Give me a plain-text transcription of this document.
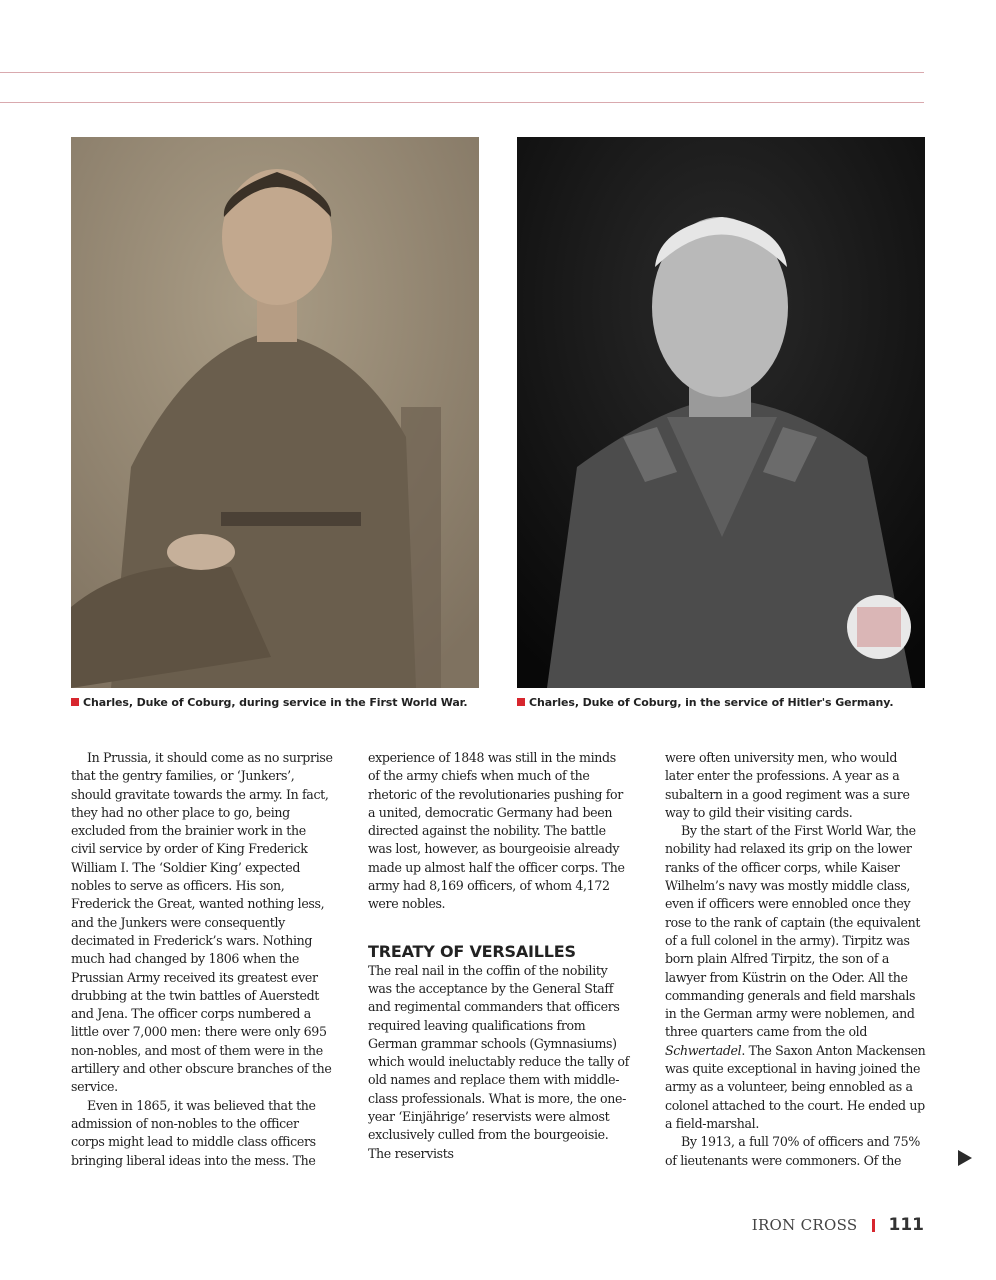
Charles, Duke of Coburg, during service in the First World War.	Charles, Duke of Coburg, in the service of Hitler's Germany.

In Prussia, it should come as no surprise that the gentry families, or ‘Junkers’, should gravitate towards the army. In fact, they had no other place to go, being excluded from the brainier work in the civil service by order of King Frederick William I. The ‘Soldier King’ expected nobles to serve as officers. His son, Frederick the Great, wanted nothing less, and the Junkers were consequently decimated in Frederick’s wars. Nothing much had changed by 1806 when the Prussian Army received its greatest ever drubbing at the twin battles of Auerstedt and Jena. The officer corps numbered a little over 7,000 men: there were only 695 non-nobles, and most of them were in the artillery and other obscure branches of the service.

Even in 1865, it was believed that the admission of non-nobles to the officer corps might lead to middle class officers bringing liberal ideas into the mess. The

experience of 1848 was still in the minds of the army chiefs when much of the rhetoric of the revolutionaries pushing for a united, democratic Germany had been directed against the nobility. The battle was lost, however, as bourgeoisie already made up almost half the officer corps. The army had 8,169 officers, of whom 4,172 were nobles.

TREATY OF VERSAILLES

The real nail in the coffin of the nobility was the acceptance by the General Staff and regimental commanders that officers required leaving qualifications from German grammar schools (Gymnasiums) which would ineluctably reduce the tally of old names and replace them with middle-class professionals. What is more, the one-year ‘Einjährige’ reservists were almost exclusively culled from the bourgeoisie. The reservists

were often university men, who would later enter the professions. A year as a subaltern in a good regiment was a sure way to gild their visiting cards.

By the start of the First World War, the nobility had relaxed its grip on the lower ranks of the officer corps, while Kaiser Wilhelm’s navy was mostly middle class, even if officers were ennobled once they rose to the rank of captain (the equivalent of a full colonel in the army). Tirpitz was born plain Alfred Tirpitz, the son of a lawyer from Küstrin on the Oder. All the commanding generals and field marshals in the German army were noblemen, and three quarters came from the old Schwertadel. The Saxon Anton Mackensen was quite exceptional in having joined the army as a volunteer, being ennobled as a colonel attached to the court. He ended up a field-marshal.

By 1913, a full 70% of officers and 75% of lieutenants were commoners. Of the

IRON CROSS 111
